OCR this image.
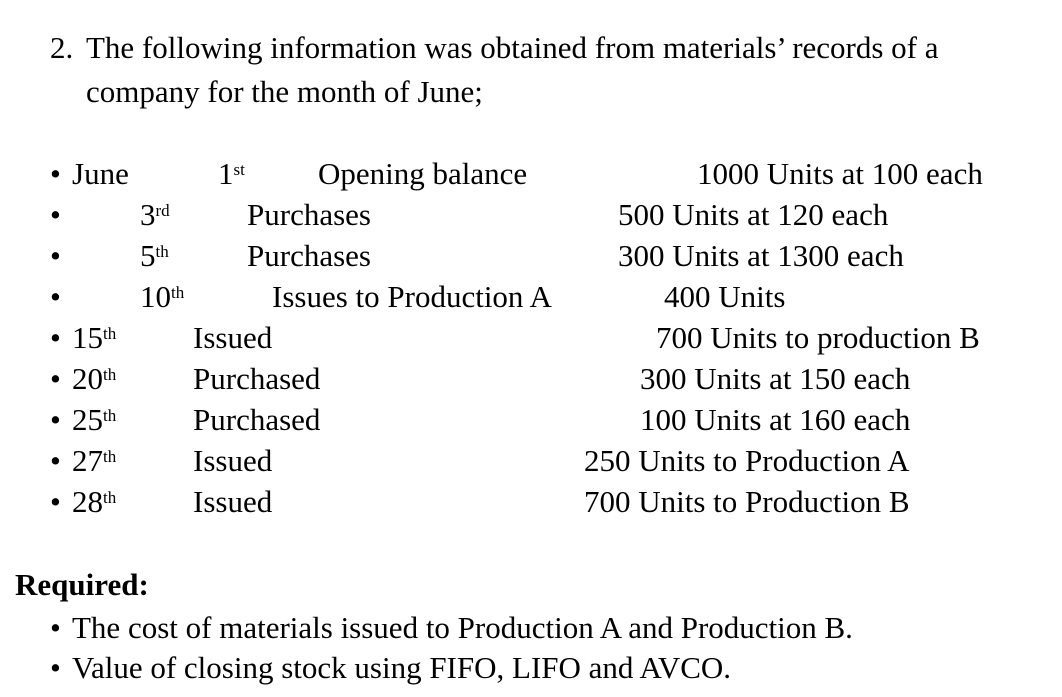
2. The following information was obtained from materials’ records of a
company for the month of June;
• June	1st Opening balance	1000 Units at 100 each
•	3rd Purchases	500 Units at 120 each
•	5th	Purchases	300 Units at 1300 each
•	10th	Issues to Production A	400 Units
• 15th Issued	700 Units to production B
• 20th Purchased	300 Units at 150 each
• 25th Purchased	100 Units at 160 each
• 27th Issued	250 Units to Production A
• 28th Issued	700 Units to Production B
Required:
• The cost of materials issued to Production A and Production B.
• Value of closing stock using FIFO, LIFO and AVCO.
